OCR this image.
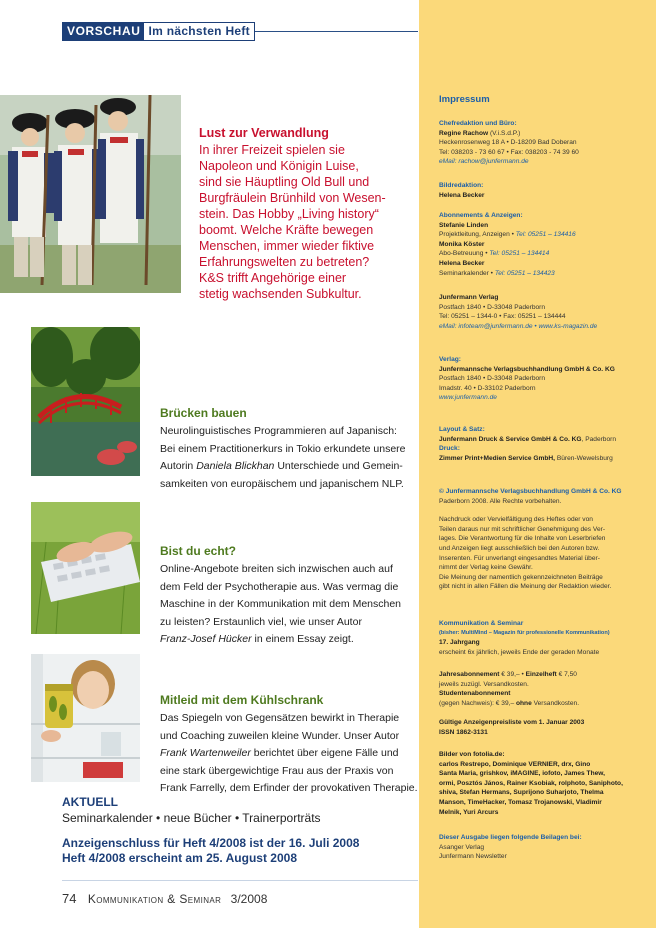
VORSCHAU Im nächsten Heft
Lust zur Verwandlung
In ihrer Freizeit spielen sie
Napoleon und Königin Luise,
sind sie Häuptling Old Bull und
Burgfräulein Brünhild von Wesen-
stein. Das Hobby „Living history“
boomt. Welche Kräfte bewegen
Menschen, immer wieder fiktive
Erfahrungswelten zu betreten?
K&S trifft Angehörige einer
stetig wachsenden Subkultur.
Brücken bauen
Neurolinguistisches Programmieren auf Japanisch:
Bei einem Practitionerkurs in Tokio erkundete unsere
Autorin Daniela Blickhan Unterschiede und Gemein-
samkeiten von europäischem und japanischem NLP.
Bist du echt?
Online-Angebote breiten sich inzwischen auch auf
dem Feld der Psychotherapie aus. Was vermag die
Maschine in der Kommunikation mit dem Menschen
zu leisten? Erstaunlich viel, wie unser Autor
Franz-Josef Hücker in einem Essay zeigt.
Mitleid mit dem Kühlschrank
Das Spiegeln von Gegensätzen bewirkt in Therapie
und Coaching zuweilen kleine Wunder. Unser Autor
Frank Wartenweiler berichtet über eigene Fälle und
eine stark übergewichtige Frau aus der Praxis von
Frank Farrelly, dem Erfinder der provokativen Therapie.
AKTUELL
Seminarkalender • neue Bücher • Trainerporträts
Anzeigenschluss für Heft 4/2008 ist der 16. Juli 2008
Heft 4/2008 erscheint am 25. August 2008
74 Kommunikation & Seminar 3/2008
Impressum
Chefredaktion und Büro:
Regine Rachow (V.i.S.d.P.)
Heckenrosenweg 18 A • D-18209 Bad Doberan
Tel: 038203 - 73 60 67 • Fax: 038203 - 74 39 60
eMail: rachow@junfermann.de
Bildredaktion:
Helena Becker
Abonnements & Anzeigen:
Stefanie Linden
Projektleitung, Anzeigen • Tel: 05251 – 134416
Monika Köster
Abo-Betreuung • Tel: 05251 – 134414
Helena Becker
Seminarkalender • Tel: 05251 – 134423
Junfermann Verlag
Postfach 1840 • D-33048 Paderborn
Tel: 05251 – 1344-0 • Fax: 05251 – 134444
eMail: infoteam@junfermann.de • www.ks-magazin.de
Verlag:
Junfermannsche Verlagsbuchhandlung GmbH & Co. KG
Postfach 1840 • D-33048 Paderborn
Imadstr. 40 • D-33102 Paderborn
www.junfermann.de
Layout & Satz:
Junfermann Druck & Service GmbH & Co. KG, Paderborn
Druck:
Zimmer Print+Medien Service GmbH, Büren-Wewelsburg
© Junfermannsche Verlagsbuchhandlung GmbH & Co. KG
Paderborn 2008. Alle Rechte vorbehalten.
Nachdruck oder Vervielfältigung des Heftes oder von
Teilen daraus nur mit schriftlicher Genehmigung des Ver-
lages. Die Verantwortung für die Inhalte von Leserbriefen
und Anzeigen liegt ausschließlich bei den Autoren bzw.
Inserenten. Für unverlangt eingesandtes Material über-
nimmt der Verlag keine Gewähr.
Die Meinung der namentlich gekennzeichneten Beiträge
gibt nicht in allen Fällen die Meinung der Redaktion wieder.
Kommunikation & Seminar
(bisher: MultiMind – Magazin für professionelle Kommunikation)
17. Jahrgang
erscheint 6x jährlich, jeweils Ende der geraden Monate
Jahresabonnement € 39,– • Einzelheft € 7,50
jeweils zuzügl. Versandkosten.
Studentenabonnement
(gegen Nachweis): € 39,– ohne Versandkosten.
Gültige Anzeigenpreisliste vom 1. Januar 2003
ISSN 1862-3131
Bilder von fotolia.de:
carlos Restrepo, Dominique VERNIER, drx, Gino
Santa Maria, grishkov, iMAGINE, iofoto, James Thew,
ormi, Posztós János, Rainer Ksobiak, rolphoto, Saniphoto,
shiva, Stefan Hermans, Suprijono Suharjoto, Thelma
Manson, TimeHacker, Tomasz Trojanowski, Vladimir
Melnik, Yuri Arcurs
Dieser Ausgabe liegen folgende Beilagen bei:
Asanger Verlag
Junfermann Newsletter
